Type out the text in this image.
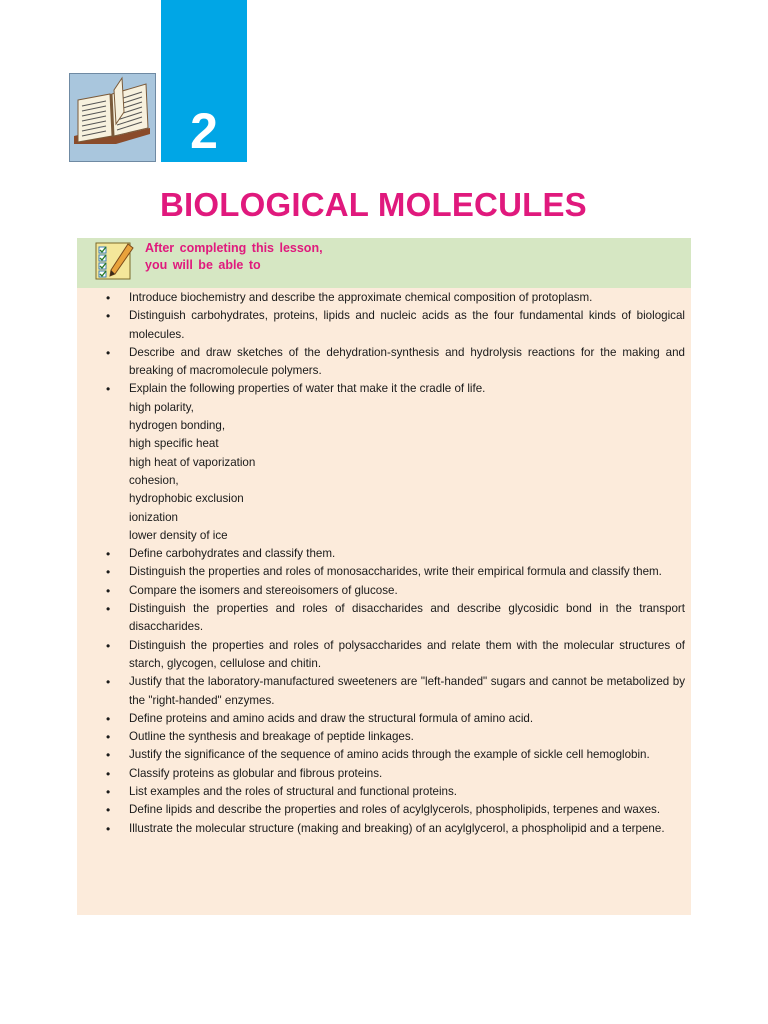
2
BIOLOGICAL MOLECULES
After completing this lesson,
you will be able to
• Introduce biochemistry and describe the approximate chemical composition of protoplasm.
• Distinguish carbohydrates, proteins, lipids and nucleic acids as the four fundamental kinds of biological molecules.
• Describe and draw sketches of the dehydration-synthesis and hydrolysis reactions for the making and breaking of macromolecule polymers.
• Explain the following properties of water that make it the cradle of life.
high polarity,
hydrogen bonding,
high specific heat
high heat of vaporization
cohesion,
hydrophobic exclusion
ionization
lower density of ice
• Define carbohydrates and classify them.
• Distinguish the properties and roles of monosaccharides, write their empirical formula and classify them.
• Compare the isomers and stereoisomers of glucose.
• Distinguish the properties and roles of disaccharides and describe glycosidic bond in the transport disaccharides.
• Distinguish the properties and roles of polysaccharides and relate them with the molecular structures of starch, glycogen, cellulose and chitin.
• Justify that the laboratory-manufactured sweeteners are "left-handed" sugars and cannot be metabolized by the "right-handed" enzymes.
• Define proteins and amino acids and draw the structural formula of amino acid.
• Outline the synthesis and breakage of peptide linkages.
• Justify the significance of the sequence of amino acids through the example of sickle cell hemoglobin.
• Classify proteins as globular and fibrous proteins.
• List examples and the roles of structural and functional proteins.
• Define lipids and describe the properties and roles of acylglycerols, phospholipids, terpenes and waxes.
• Illustrate the molecular structure (making and breaking) of an acylglycerol, a phospholipid and a terpene.
